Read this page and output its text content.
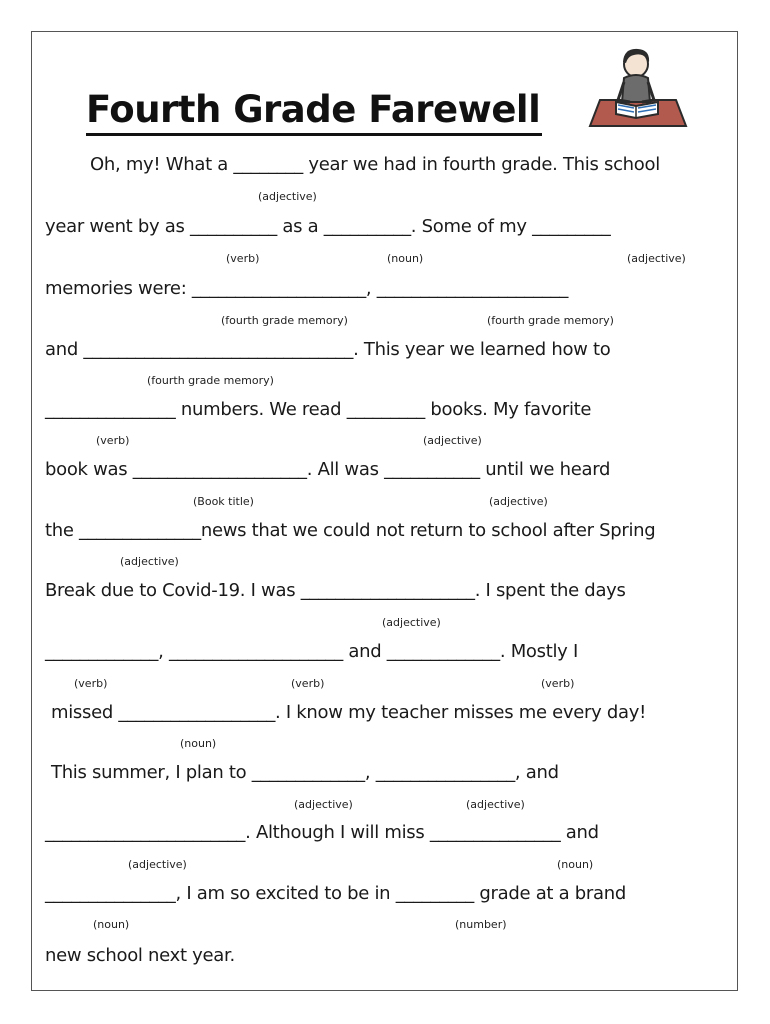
Fourth Grade Farewell
Oh, my! What a ________ year we had in fourth grade. This school
(adjective)
year went by as __________ as a __________. Some of my _________
(verb)	(noun)	(adjective)
memories were: ____________________, ______________________
(fourth grade memory)	(fourth grade memory)
and _______________________________. This year we learned how to
(fourth grade memory)
_______________ numbers. We read _________ books. My favorite
(verb)	(adjective)
book was ____________________. All was ___________ until we heard
(Book title)	(adjective)
the ______________news that we could not return to school after Spring
(adjective)
Break due to Covid-19. I was ____________________. I spent the days
(adjective)
_____________, ____________________ and _____________. Mostly I
(verb)	(verb)	(verb)
missed __________________. I know my teacher misses me every day!
(noun)
This summer, I plan to _____________, ________________, and
(adjective)	(adjective)
_______________________. Although I will miss _______________ and
(adjective)	(noun)
_______________, I am so excited to be in _________ grade at a brand
(noun)	(number)
new school next year.
